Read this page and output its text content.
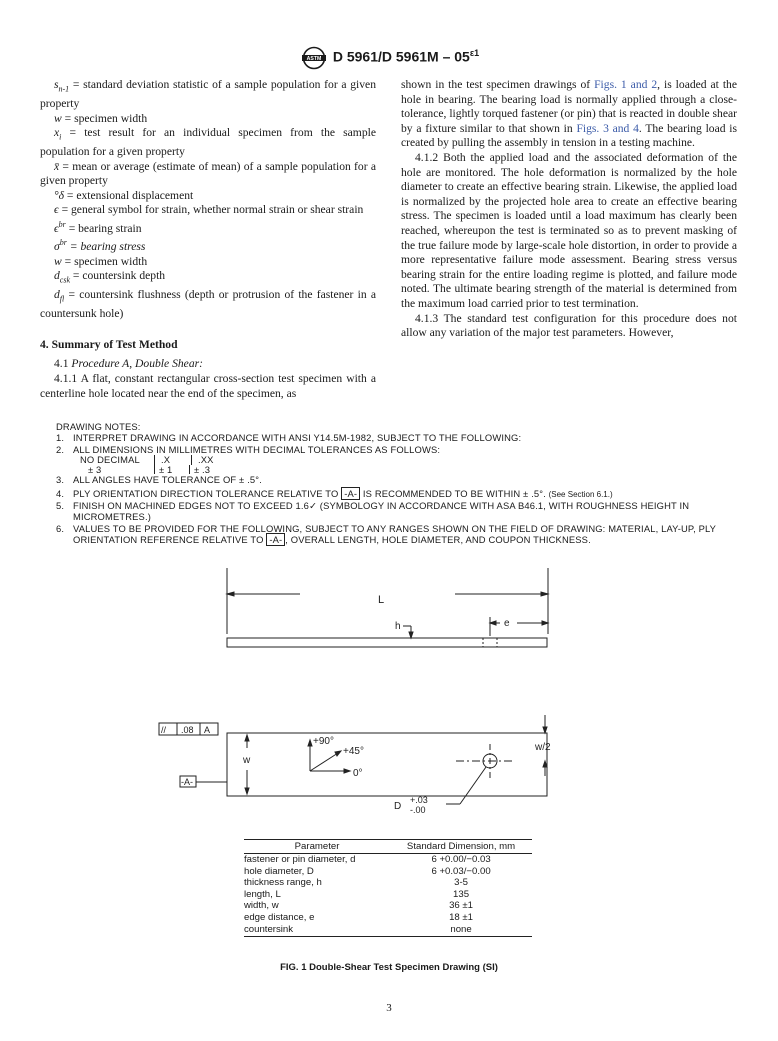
ASTM D 5961/D $5961M - 05^{\varepsilon 1}$

$s_{n-1}$ = standard deviation statistic of a sample population for a given property

w = specimen width

$x_i$ = test result for an individual specimen from the sample population for a given property

x̄ = mean or average (estimate of mean) of a sample population for a given property

°δ = extensional displacement

ϵ = general symbol for strain, whether normal strain or shear strain

$\epsilon^{br}$ = bearing strain

$\sigma^{br}$ = bearing stress

w = specimen width

$d_{csk}$ = countersink depth

$d_{fl}$ = countersink flushness (depth or protrusion of the fastener in a countersunk hole)

4. Summary of Test Method

4.1 Procedure A, Double Shear:

4.1.1 A flat, constant rectangular cross-section test specimen with a centerline hole located near the end of the specimen, as

shown in the test specimen drawings of Figs. 1 and 2, is loaded at the hole in bearing. The bearing load is normally applied through a close-tolerance, lightly torqued fastener (or pin) that is reacted in double shear by a fixture similar to that shown in Figs. 3 and 4. The bearing load is created by pulling the assembly in tension in a testing machine.

4.1.2 Both the applied load and the associated deformation of the hole are monitored. The hole deformation is normalized by the hole diameter to create an effective bearing strain. Likewise, the applied load is normalized by the projected hole area to create an effective bearing stress. The specimen is loaded until a load maximum has clearly been reached, whereupon the test is terminated so as to prevent masking of the true failure mode by large-scale hole distortion, in order to provide a more representative failure mode assessment. Bearing stress versus bearing strain for the entire loading regime is plotted, and failure mode noted. The ultimate bearing strength of the material is determined from the maximum load carried prior to test termination.

4.1.3 The standard test configuration for this procedure does not allow any variation of the major test parameters. However,

DRAWING NOTES:
1. INTERPRET DRAWING IN ACCORDANCE WITH ANSI Y14.5M-1982, SUBJECT TO THE FOLLOWING:
2. ALL DIMENSIONS IN MILLIMETRES WITH DECIMAL TOLERANCES AS FOLLOWS:
NO DECIMAL	.X	.XX
± 3	± 1	± .3
3. ALL ANGLES HAVE TOLERANCE OF ± .5°.
4. PLY ORIENTATION DIRECTION TOLERANCE RELATIVE TO -A- IS RECOMMENDED TO BE WITHIN ± .5°. (See Section 6.1.)
5. FINISH ON MACHINED EDGES NOT TO EXCEED 1.6✓ (SYMBOLOGY IN ACCORDANCE WITH ASA B46.1, WITH ROUGHNESS HEIGHT IN MICROMETRES.)
6. VALUES TO BE PROVIDED FOR THE FOLLOWING, SUBJECT TO ANY RANGES SHOWN ON THE FIELD OF DRAWING: MATERIAL, LAY-UP, PLY ORIENTATION REFERENCE RELATIVE TO -A- , OVERALL LENGTH, HOLE DIAMETER, AND COUPON THICKNESS.
L
h	e
// .08 A
-A-
w
+90°
+45°
0°
w/2
D
+.03
-.00
Parameter	Standard Dimension, mm
fastener or pin diameter, d	6 +0.00/−0.03
hole diameter, D	6 +0.03/−0.00
thickness range, h	3-5
length, L	135
width, w	36 ±1
edge distance, e	18 ±1
countersink	none
FIG. 1 Double-Shear Test Specimen Drawing (SI)
3
